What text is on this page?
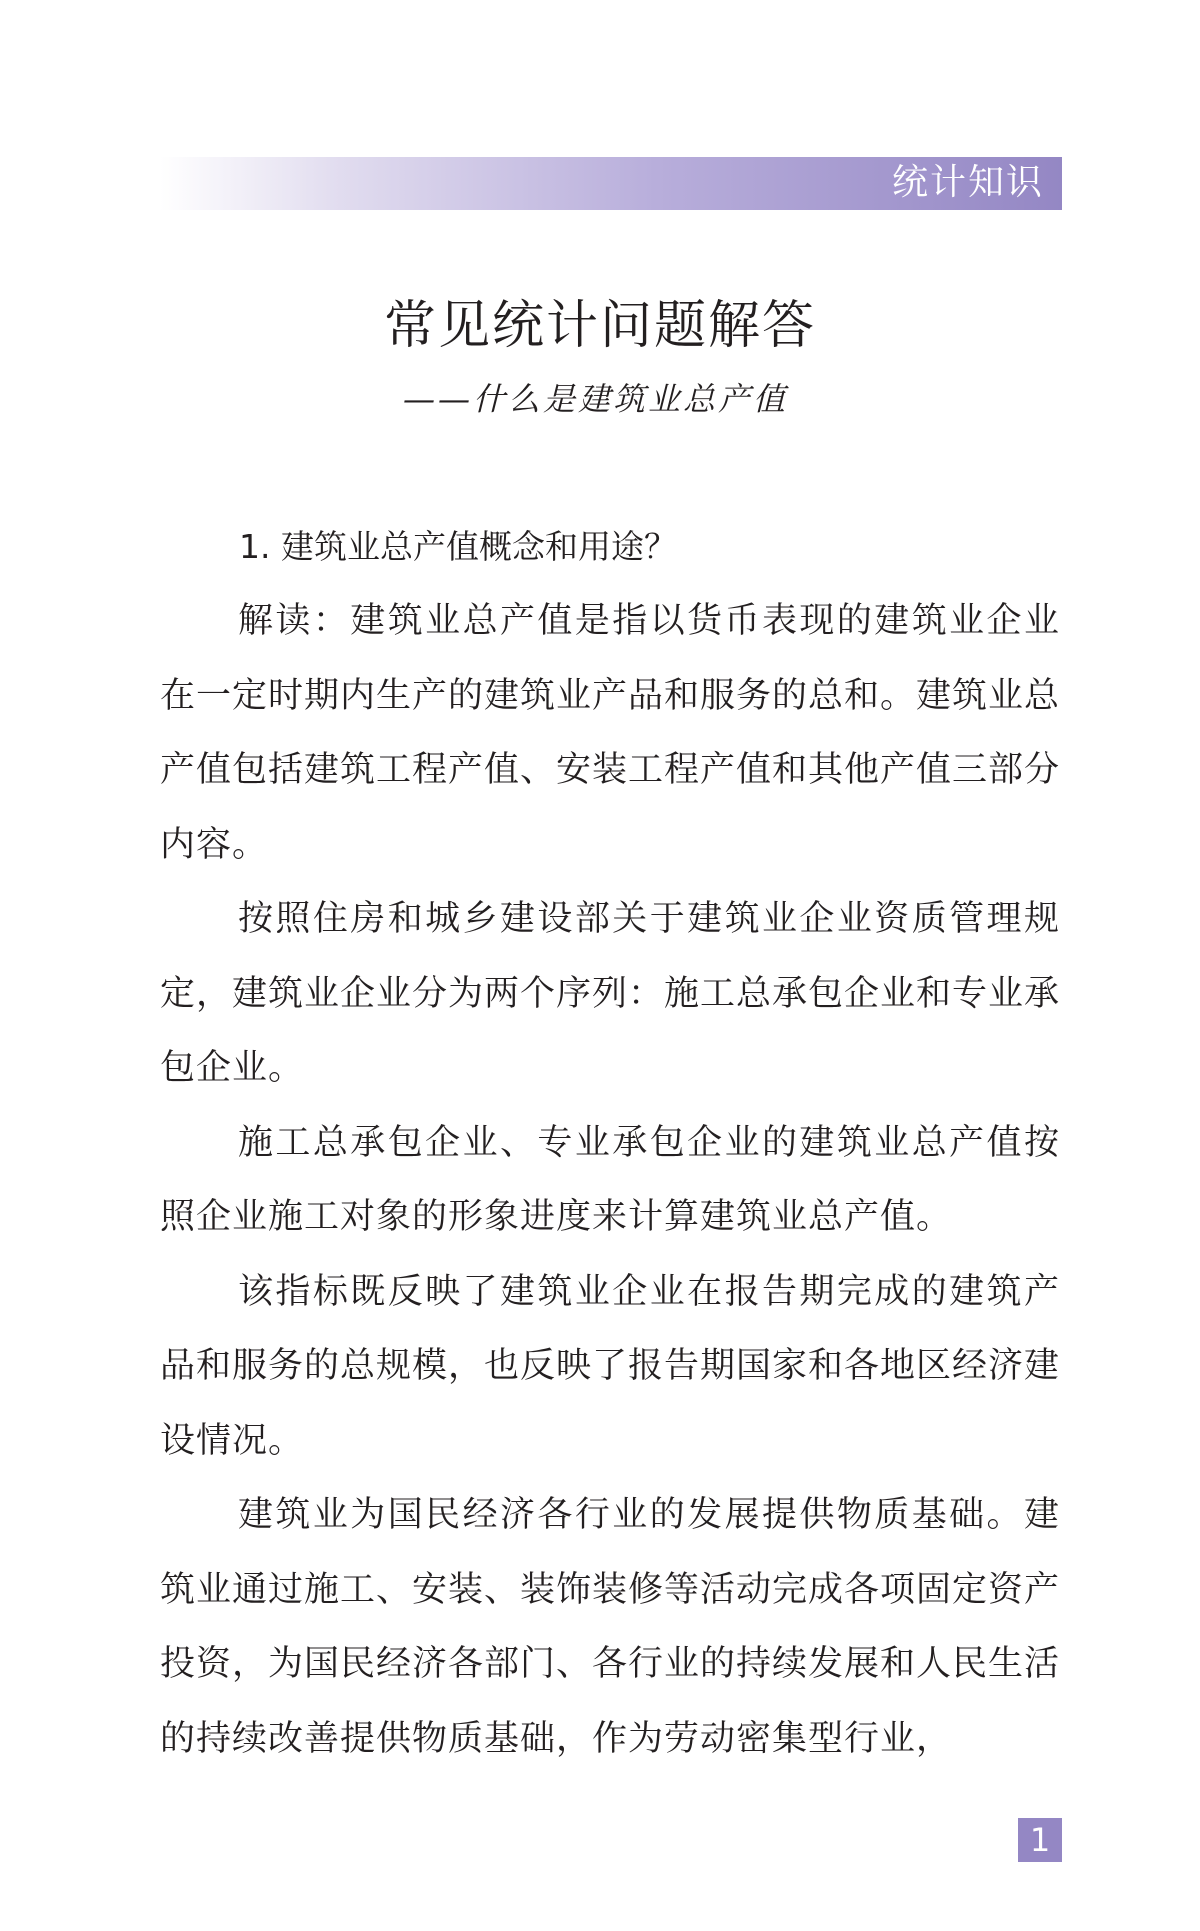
统计知识
常见统计问题解答
——什么是建筑业总产值

1. 建筑业总产值概念和用途？

解读：建筑业总产值是指以货币表现的建筑业企业在一定时期内生产的建筑业产品和服务的总和。建筑业总产值包括建筑工程产值、安装工程产值和其他产值三部分内容。

按照住房和城乡建设部关于建筑业企业资质管理规定，建筑业企业分为两个序列：施工总承包企业和专业承包企业。

施工总承包企业、专业承包企业的建筑业总产值按照企业施工对象的形象进度来计算建筑业总产值。

该指标既反映了建筑业企业在报告期完成的建筑产品和服务的总规模，也反映了报告期国家和各地区经济建设情况。

建筑业为国民经济各行业的发展提供物质基础。建筑业通过施工、安装、装饰装修等活动完成各项固定资产投资，为国民经济各部门、各行业的持续发展和人民生活的持续改善提供物质基础，作为劳动密集型行业，

1
